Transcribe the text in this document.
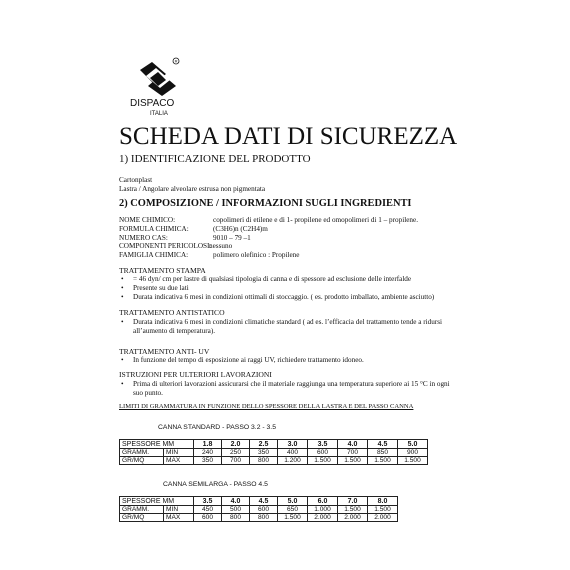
R
DISPACO
ITALIA
SCHEDA DATI DI SICUREZZA
1) IDENTIFICAZIONE DEL PRODOTTO
Cartonplast
Lastra / Angolare alveolare estrusa non pigmentata
2) COMPOSIZIONE / INFORMAZIONI SUGLI INGREDIENTI
NOME CHIMICO:	copolimeri di etilene e di 1- propilene ed omopolimeri di 1 – propilene.
FORMULA CHIMICA:	(C3H6)n (C2H4)m
NUMERO CAS:	9010 – 79 –1
COMPONENTI PERICOLOSI:
nessuno
FAMIGLIA CHIMICA:	polimero olefinico : Propilene
TRATTAMENTO STAMPA
• = 46 dyn/ cm per lastre di qualsiasi tipologia di canna e di spessore ad esclusione delle interfalde
• Presente su due lati
• Durata indicativa 6 mesi in condizioni ottimali di stoccaggio. ( es. prodotto imballato, ambiente asciutto)
TRATTAMENTO ANTISTATICO
• Durata indicativa 6 mesi in condizioni climatiche standard ( ad es. l’efficacia del trattamento tende a ridursi all’aumento di temperatura).
TRATTAMENTO ANTI- UV
• In funzione del tempo di esposizione ai raggi UV, richiedere trattamento idoneo.
ISTRUZIONI PER ULTERIORI LAVORAZIONI
• Prima di ulteriori lavorazioni assicurarsi che il materiale raggiunga una temperatura superiore ai 15 °C in ogni suo punto.
LIMITI DI GRAMMATURA IN FUNZIONE DELLO SPESSORE DELLA LASTRA E DEL PASSO CANNA
CANNA STANDARD - PASSO 3.2 - 3.5
SPESSORE MM		1.8	2.0	2.5	3.0	3.5	4.0	4.5	5.0
GRAMM.	MIN	240	250	350	400	600	700	850	900
GR/MQ	MAX	350	700	800	1.200	1.500	1.500	1.500	1.500
CANNA SEMILARGA - PASSO 4.5
SPESSORE MM		3.5	4.0	4.5	5.0	6.0	7.0	8.0
GRAMM.	MIN	450	500	600	650	1.000	1.500	1.500
GR/MQ	MAX	600	800	800	1.500	2.000	2.000	2.000
